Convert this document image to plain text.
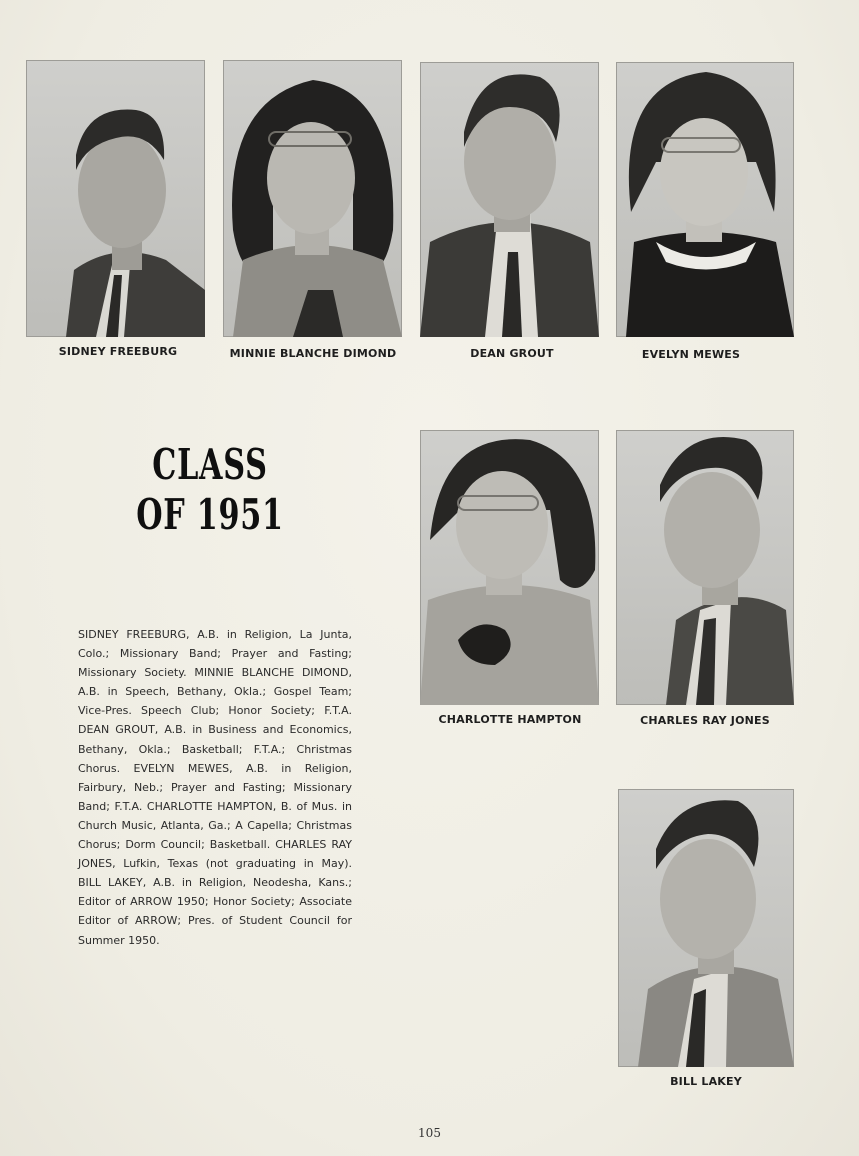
SIDNEY FREEBURG	MINNIE BLANCHE DIMOND	DEAN GROUT	EVELYN MEWES
CLASS
OF 1951
CHARLOTTE HAMPTON	CHARLES RAY JONES
SIDNEY FREEBURG, A.B. in Religion, La Junta, Colo.; Missionary Band; Prayer and Fasting; Missionary Society. MINNIE BLANCHE DIMOND, A.B. in Speech, Bethany, Okla.; Gospel Team; Vice-Pres. Speech Club; Honor Society; F.T.A. DEAN GROUT, A.B. in Business and Economics, Bethany, Okla.; Basketball; F.T.A.; Christmas Chorus. EVELYN MEWES, A.B. in Religion, Fairbury, Neb.; Prayer and Fasting; Missionary Band; F.T.A. CHARLOTTE HAMPTON, B. of Mus. in Church Music, Atlanta, Ga.; A Capella; Christmas Chorus; Dorm Council; Basketball. CHARLES RAY JONES, Lufkin, Texas (not graduating in May). BILL LAKEY, A.B. in Religion, Neodesha, Kans.; Editor of ARROW 1950; Honor Society; Associate Editor of ARROW; Pres. of Student Council for Summer 1950.
BILL LAKEY
105
